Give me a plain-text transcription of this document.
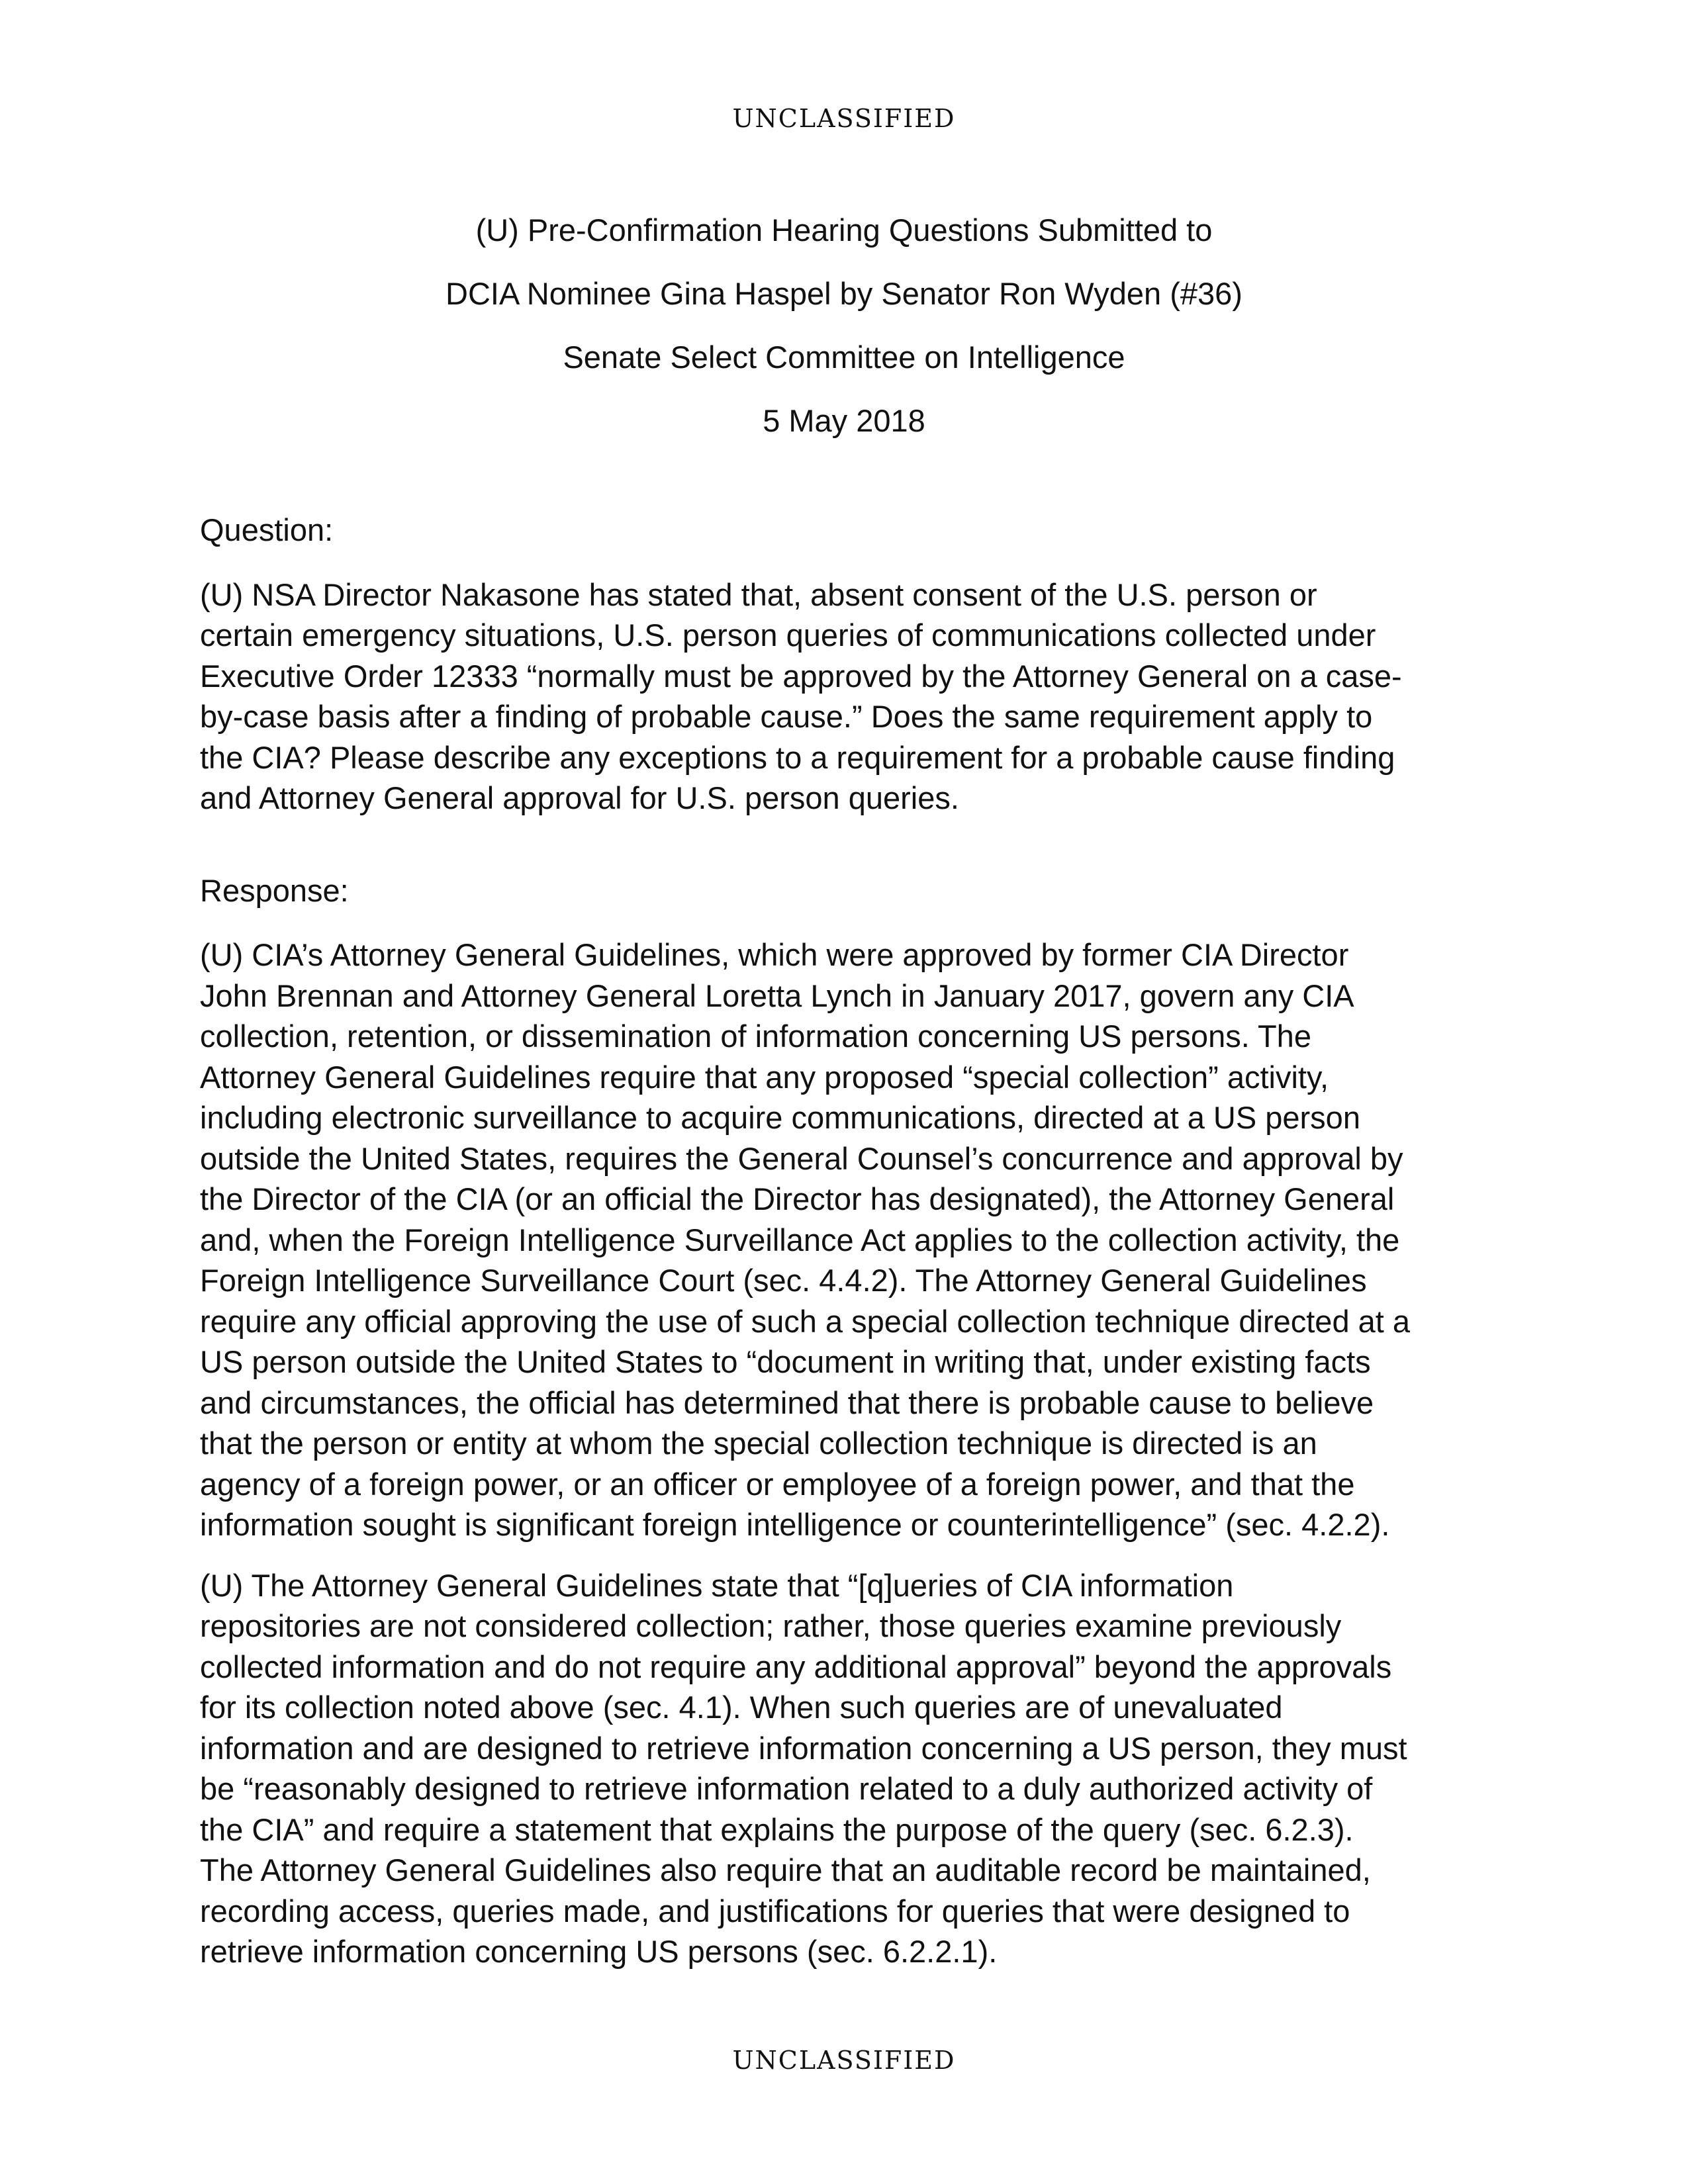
UNCLASSIFIED
(U) Pre-Confirmation Hearing Questions Submitted to
DCIA Nominee Gina Haspel by Senator Ron Wyden (#36)
Senate Select Committee on Intelligence
5 May 2018
Question:
(U) NSA Director Nakasone has stated that, absent consent of the U.S. person or
certain emergency situations, U.S. person queries of communications collected under
Executive Order 12333 “normally must be approved by the Attorney General on a case-
by-case basis after a finding of probable cause.” Does the same requirement apply to
the CIA? Please describe any exceptions to a requirement for a probable cause finding
and Attorney General approval for U.S. person queries.
Response:
(U) CIA’s Attorney General Guidelines, which were approved by former CIA Director
John Brennan and Attorney General Loretta Lynch in January 2017, govern any CIA
collection, retention, or dissemination of information concerning US persons. The
Attorney General Guidelines require that any proposed “special collection” activity,
including electronic surveillance to acquire communications, directed at a US person
outside the United States, requires the General Counsel’s concurrence and approval by
the Director of the CIA (or an official the Director has designated), the Attorney General
and, when the Foreign Intelligence Surveillance Act applies to the collection activity, the
Foreign Intelligence Surveillance Court (sec. 4.4.2). The Attorney General Guidelines
require any official approving the use of such a special collection technique directed at a
US person outside the United States to “document in writing that, under existing facts
and circumstances, the official has determined that there is probable cause to believe
that the person or entity at whom the special collection technique is directed is an
agency of a foreign power, or an officer or employee of a foreign power, and that the
information sought is significant foreign intelligence or counterintelligence” (sec. 4.2.2).
(U) The Attorney General Guidelines state that “[q]ueries of CIA information
repositories are not considered collection; rather, those queries examine previously
collected information and do not require any additional approval” beyond the approvals
for its collection noted above (sec. 4.1). When such queries are of unevaluated
information and are designed to retrieve information concerning a US person, they must
be “reasonably designed to retrieve information related to a duly authorized activity of
the CIA” and require a statement that explains the purpose of the query (sec. 6.2.3).
The Attorney General Guidelines also require that an auditable record be maintained,
recording access, queries made, and justifications for queries that were designed to
retrieve information concerning US persons (sec. 6.2.2.1).
UNCLASSIFIED
